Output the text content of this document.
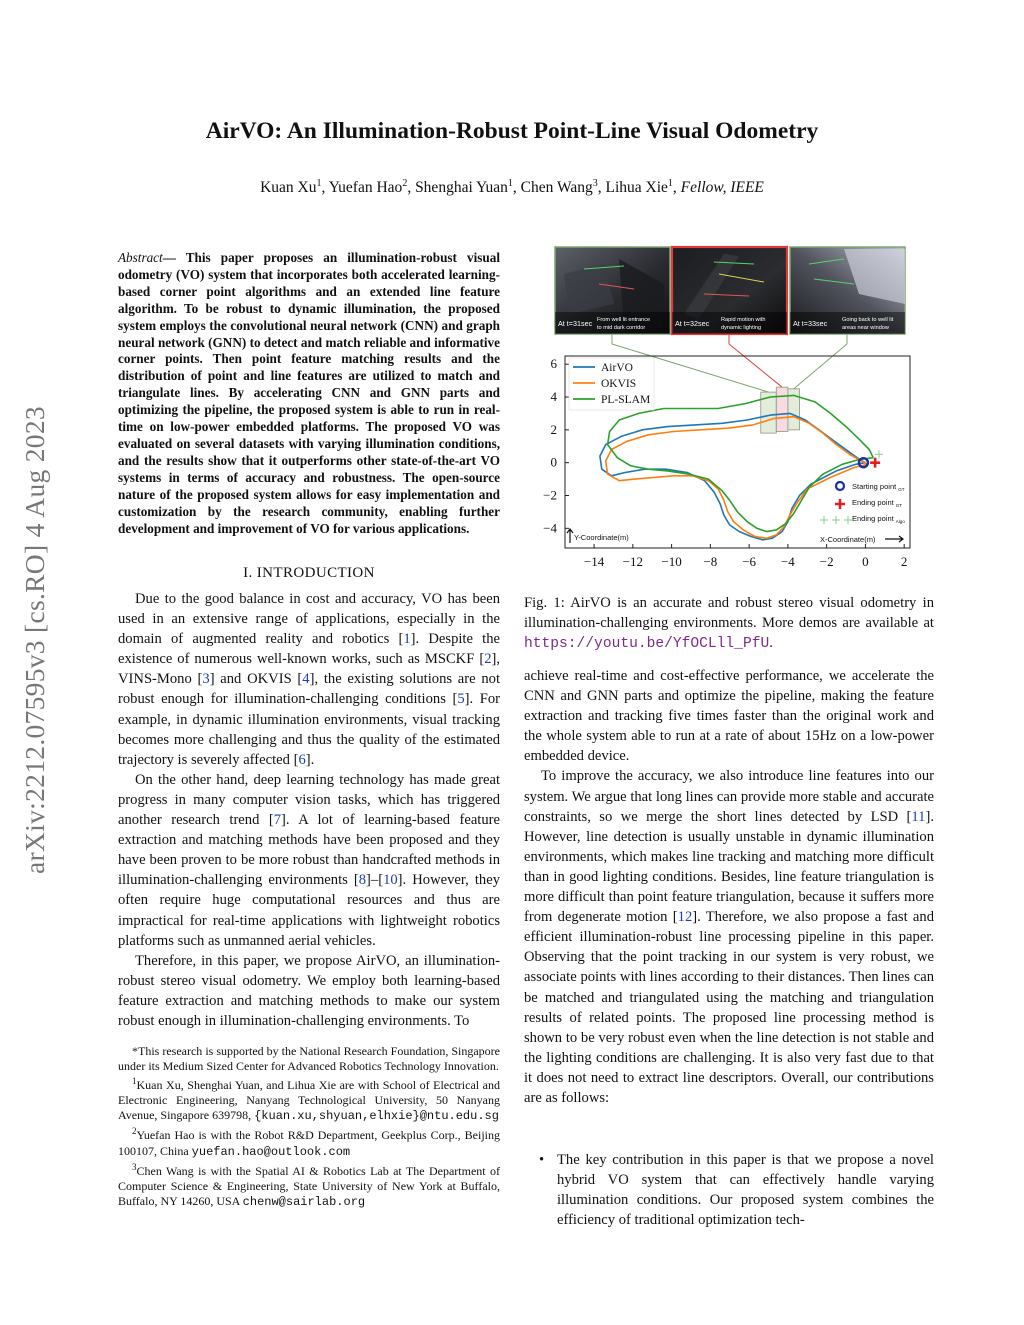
arXiv:2212.07595v3 [cs.RO] 4 Aug 2023
AirVO: An Illumination-Robust Point-Line Visual Odometry
Kuan Xu$^1$, Yuefan Hao$^2$, Shenghai Yuan$^1$, Chen Wang$^3$, Lihua Xie$^1$, Fellow, IEEE
Abstract— This paper proposes an illumination-robust visual odometry (VO) system that incorporates both accelerated learning-based corner point algorithms and an extended line feature algorithm. To be robust to dynamic illumination, the proposed system employs the convolutional neural network (CNN) and graph neural network (GNN) to detect and match reliable and informative corner points. Then point feature matching results and the distribution of point and line features are utilized to match and triangulate lines. By accelerating CNN and GNN parts and optimizing the pipeline, the proposed system is able to run in real-time on low-power embedded platforms. The proposed VO was evaluated on several datasets with varying illumination conditions, and the results show that it outperforms other state-of-the-art VO systems in terms of accuracy and robustness. The open-source nature of the proposed system allows for easy implementation and customization by the research community, enabling further development and improvement of VO for various applications.
I. INTRODUCTION

Due to the good balance in cost and accuracy, VO has been used in an extensive range of applications, especially in the domain of augmented reality and robotics [1]. Despite the existence of numerous well-known works, such as MSCKF [2], VINS-Mono [3] and OKVIS [4], the existing solutions are not robust enough for illumination-challenging conditions [5]. For example, in dynamic illumination environments, visual tracking becomes more challenging and thus the quality of the estimated trajectory is severely affected [6].

On the other hand, deep learning technology has made great progress in many computer vision tasks, which has triggered another research trend [7]. A lot of learning-based feature extraction and matching methods have been proposed and they have been proven to be more robust than handcrafted methods in illumination-challenging environments [8]–[10]. However, they often require huge computational resources and thus are impractical for real-time applications with lightweight robotics platforms such as unmanned aerial vehicles.

Therefore, in this paper, we propose AirVO, an illumination-robust stereo visual odometry. We employ both learning-based feature extraction and matching methods to make our system robust enough in illumination-challenging environments. To

*This research is supported by the National Research Foundation, Singapore under its Medium Sized Center for Advanced Robotics Technology Innovation.

$^1$Kuan Xu, Shenghai Yuan, and Lihua Xie are with School of Electrical and Electronic Engineering, Nanyang Technological University, 50 Nanyang Avenue, Singapore 639798, {kuan.xu,shyuan,elhxie}@ntu.edu.sg

$^2$Yuefan Hao is with the Robot R&D Department, Geekplus Corp., Beijing 100107, China yuefan.hao@outlook.com

$^3$Chen Wang is with the Spatial AI & Robotics Lab at The Department of Computer Science & Engineering, State University of New York at Buffalo, Buffalo, NY 14260, USA chenw@sairlab.org

At t=31sec From well lit entrance
to mid dark corridor	At t=32sec Rapid motion with
dynamic lighting	At t=33sec	Going back to well lit
areas near window
−14 −12 −10 −8 −6 −4 −2 0 2
−4
−2
0
2
4
6	AirVO
OKVIS
PL-SLAM
Starting point $_{GT}$
Ending point $_{GT}$
Ending point $_{Algo}$
X-Coordinate(m)
Y-Coordinate(m)
Fig. 1: AirVO is an accurate and robust stereo visual odometry in illumination-challenging environments. More demos are available at https://youtu.be/YfOCLll_PfU.

achieve real-time and cost-effective performance, we accelerate the CNN and GNN parts and optimize the pipeline, making the feature extraction and tracking five times faster than the original work and the whole system able to run at a rate of about 15Hz on a low-power embedded device.

To improve the accuracy, we also introduce line features into our system. We argue that long lines can provide more stable and accurate constraints, so we merge the short lines detected by LSD [11]. However, line detection is usually unstable in dynamic illumination environments, which makes line tracking and matching more difficult than in good lighting conditions. Besides, line feature triangulation is more difficult than point feature triangulation, because it suffers more from degenerate motion [12]. Therefore, we also propose a fast and efficient illumination-robust line processing pipeline in this paper. Observing that the point tracking in our system is very robust, we associate points with lines according to their distances. Then lines can be matched and triangulated using the matching and triangulation results of related points. The proposed line processing method is shown to be very robust even when the line detection is not stable and the lighting conditions are challenging. It is also very fast due to that it does not need to extract line descriptors. Overall, our contributions are as follows:

• The key contribution in this paper is that we propose a novel hybrid VO system that can effectively handle varying illumination conditions. Our proposed system combines the efficiency of traditional optimization tech-
